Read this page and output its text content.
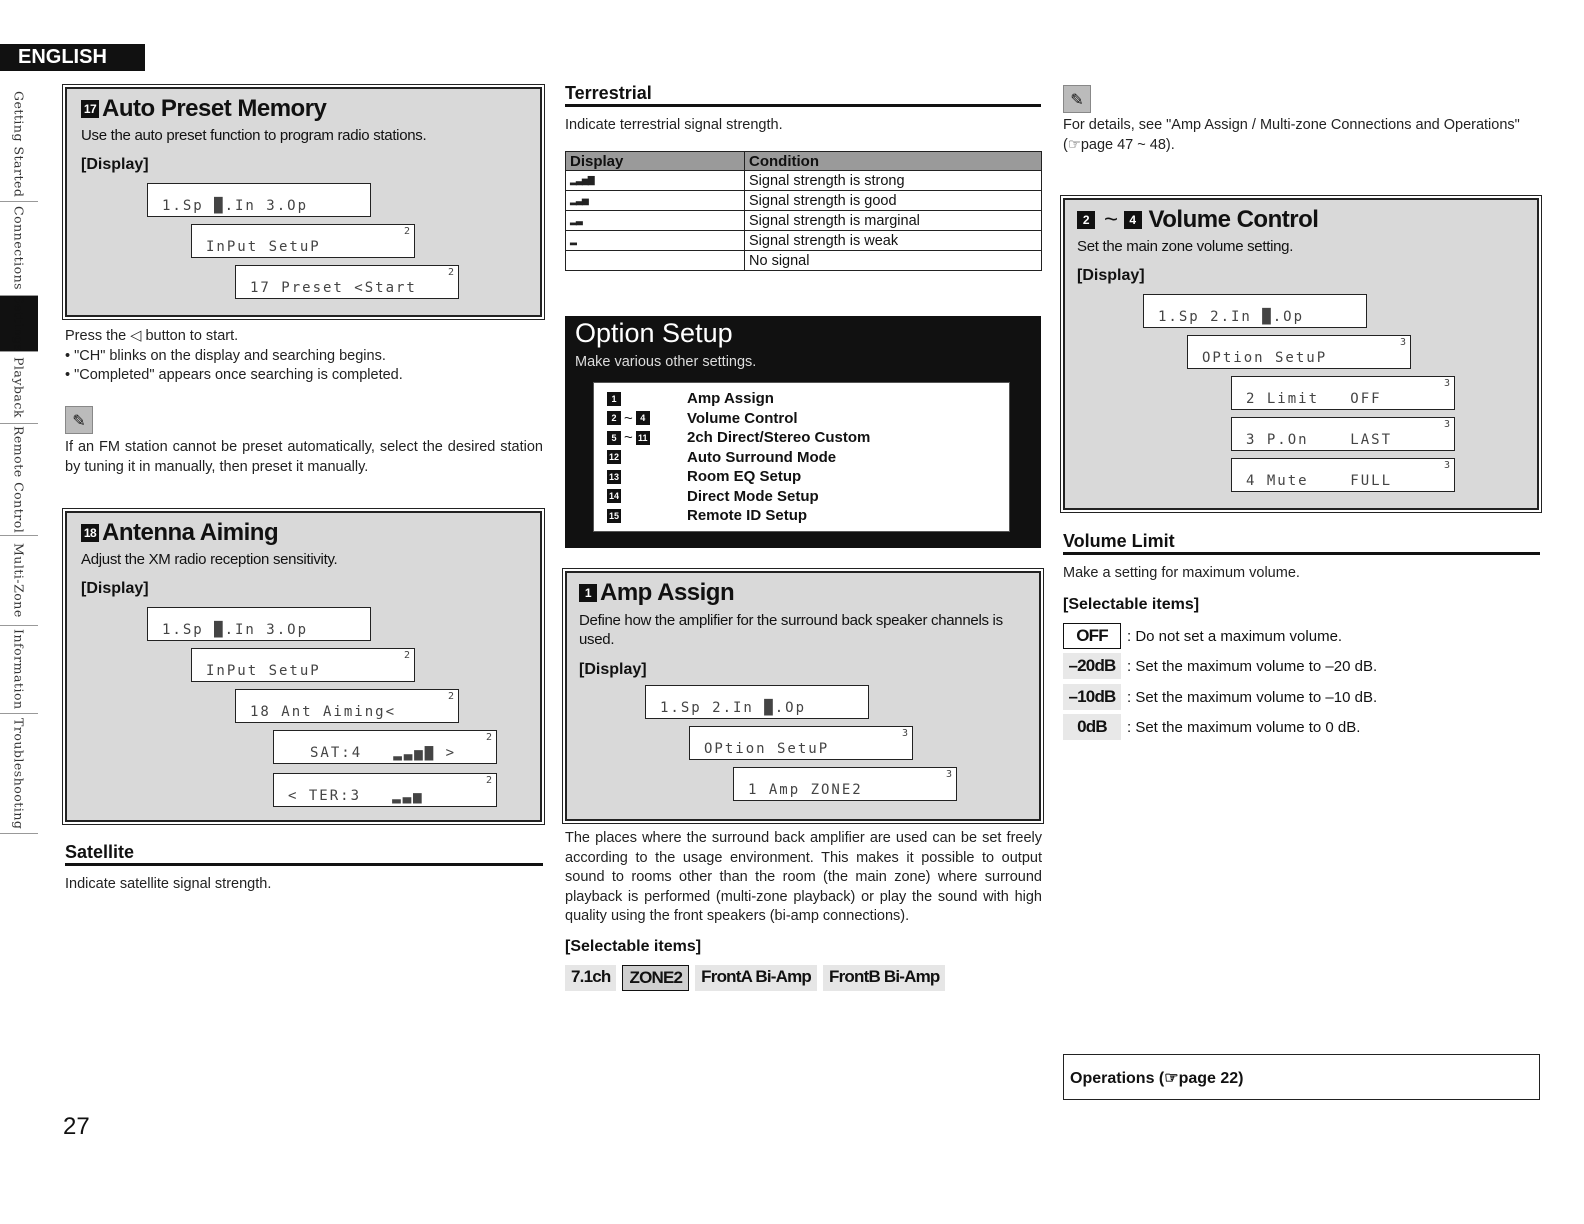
ENGLISH
Getting Started
Connections
Settings
Playback
Remote Control
Multi-Zone
Information
Troubleshooting
17 Auto Preset Memory
Use the auto preset function to program radio stations.
[Display]
1.Sp █.In 3.Op
InPut SetuP
2
17 Preset <Start
2
Press the ◁ button to start.
• "CH" blinks on the display and searching begins.
• "Completed" appears once searching is completed.
✎
If an FM station cannot be preset automatically, select the desired station by tuning it in manually, then preset it manually.
18 Antenna Aiming
Adjust the XM radio reception sensitivity.
[Display]
1.Sp █.In 3.Op
InPut SetuP
2
18 Ant Aiming<
2
SAT:4   ▂▃▅▇ >
2
< TER:3   ▂▃▅
2
Satellite
Indicate satellite signal strength.
27
Terrestrial
Indicate terrestrial signal strength.
Display	Condition
▂▃▅▇	Signal strength is strong
▂▃▅	Signal strength is good
▂▃	Signal strength is marginal
▂	Signal strength is weak
	No signal
Option Setup
Make various other settings.
1	Amp Assign
2 ~ 4	Volume Control
5 ~ 11	2ch Direct/Stereo Custom
12	Auto Surround Mode
13	Room EQ Setup
14	Direct Mode Setup
15	Remote ID Setup
1 Amp Assign
Define how the amplifier for the surround back speaker channels is used.
[Display]
1.Sp 2.In █.Op
OPtion SetuP
3
1 Amp ZONE2
3
The places where the surround back amplifier are used can be set freely according to the usage environment. This makes it possible to output sound to rooms other than the room (the main zone) where surround playback is performed (multi-zone playback) or play the sound with high quality using the front speakers (bi-amp connections).
[Selectable items]
7.1ch	ZONE2	FrontA Bi-Amp	FrontB Bi-Amp
✎
For details, see "Amp Assign / Multi-zone Connections and Operations" (☞page 47 ~ 48).
2 ~ 4 Volume Control
Set the main zone volume setting.
[Display]
1.Sp 2.In █.Op
OPtion SetuP
3
2 Limit   OFF
3
3 P.On    LAST
3
4 Mute    FULL
3
Volume Limit
Make a setting for maximum volume.
[Selectable items]
OFF	: Do not set a maximum volume.
–20dB : Set the maximum volume to –20 dB.
–10dB : Set the maximum volume to –10 dB.
0dB	: Set the maximum volume to 0 dB.
Operations (☞page 22)
